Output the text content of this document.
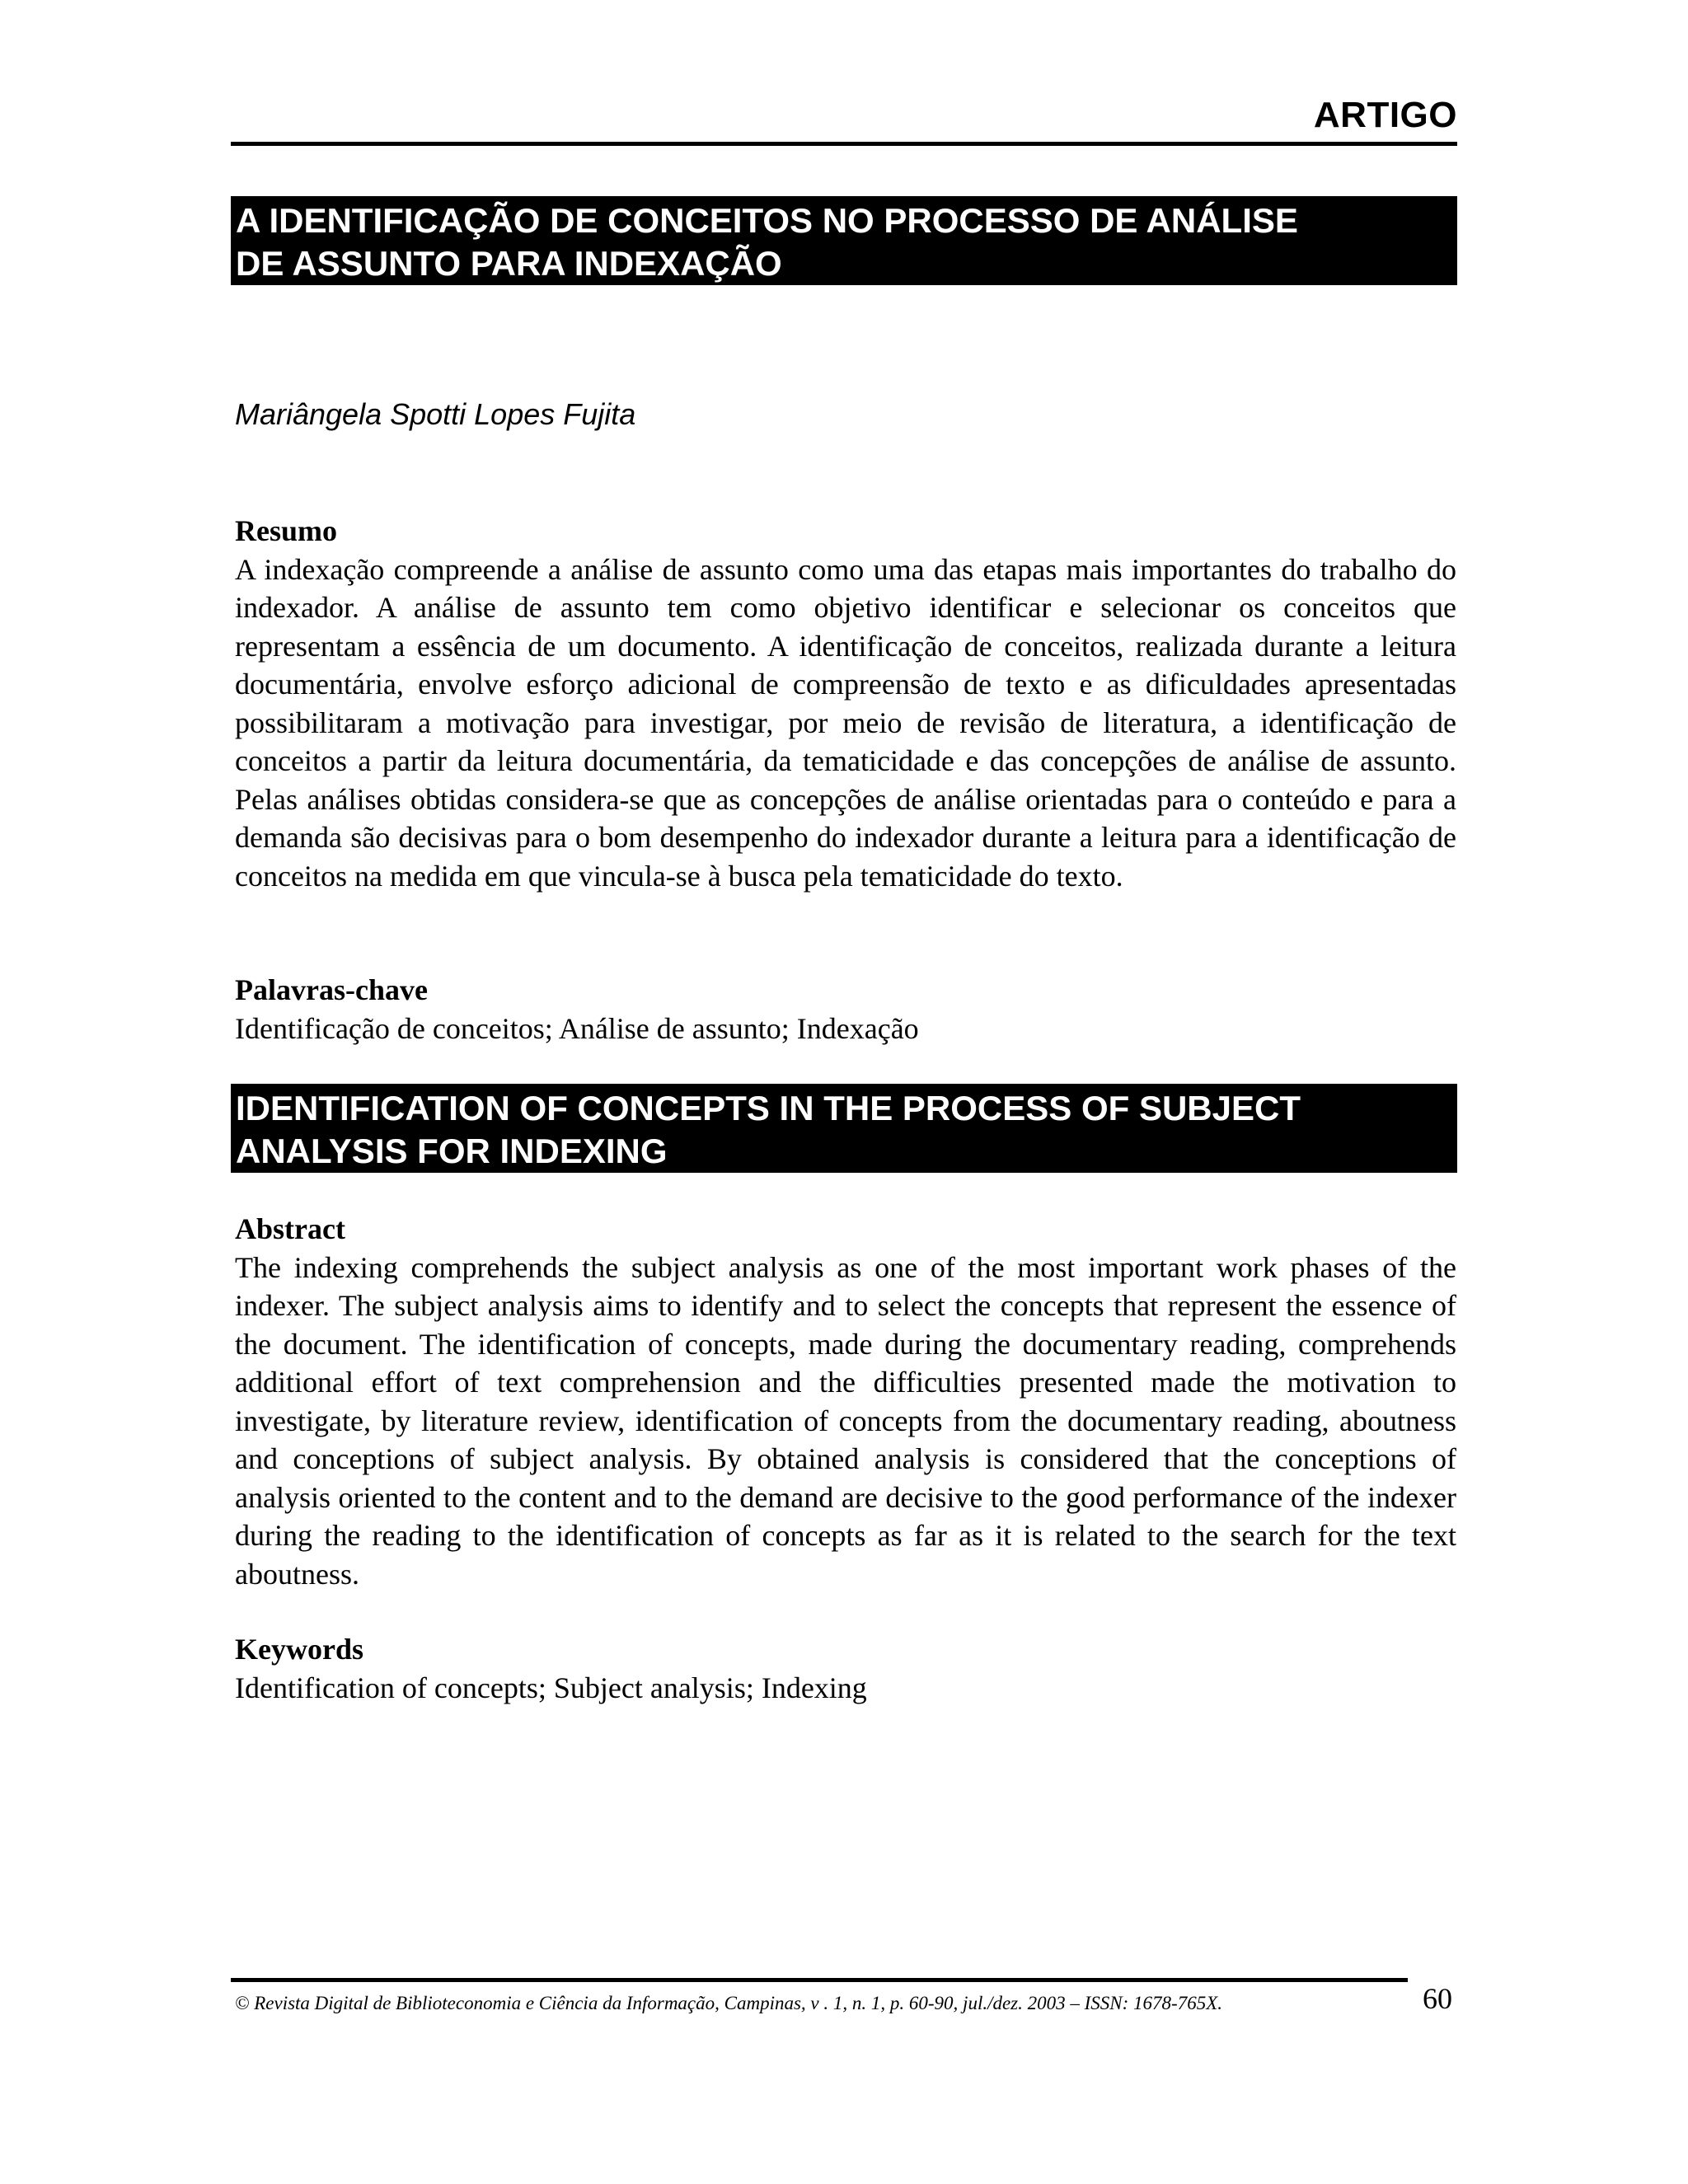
ARTIGO
A IDENTIFICAÇÃO DE CONCEITOS NO PROCESSO DE ANÁLISE
DE ASSUNTO PARA INDEXAÇÃO
Mariângela Spotti Lopes Fujita
Resumo

A indexação compreende a análise de assunto como uma das etapas mais importantes do trabalho do indexador. A análise de assunto tem como objetivo identificar e selecionar os conceitos que representam a essência de um documento. A identificação de conceitos, realizada durante a leitura documentária, envolve esforço adicional de compreensão de texto e as dificuldades apresentadas possibilitaram a motivação para investigar, por meio de revisão de literatura, a identificação de conceitos a partir da leitura documentária, da tematicidade e das concepções de análise de assunto. Pelas análises obtidas considera-se que as concepções de análise orientadas para o conteúdo e para a demanda são decisivas para o bom desempenho do indexador durante a leitura para a identificação de conceitos na medida em que vincula-se à busca pela tematicidade do texto.

Palavras-chave
Identificação de conceitos; Análise de assunto; Indexação
IDENTIFICATION OF CONCEPTS IN THE PROCESS OF SUBJECT
ANALYSIS FOR INDEXING
Abstract

The indexing comprehends the subject analysis as one of the most important work phases of the indexer. The subject analysis aims to identify and to select the concepts that represent the essence of the document. The identification of concepts, made during the documentary reading, comprehends additional effort of text comprehension and the difficulties presented made the motivation to investigate, by literature review, identification of concepts from the documentary reading, aboutness and conceptions of subject analysis. By obtained analysis is considered that the conceptions of analysis oriented to the content and to the demand are decisive to the good performance of the indexer during the reading to the identification of concepts as far as it is related to the search for the text aboutness.

Keywords
Identification of concepts; Subject analysis; Indexing
© Revista Digital de Biblioteconomia e Ciência da Informação, Campinas, v . 1, n. 1, p. 60-90, jul./dez. 2003 – ISSN: 1678-765X.	60
